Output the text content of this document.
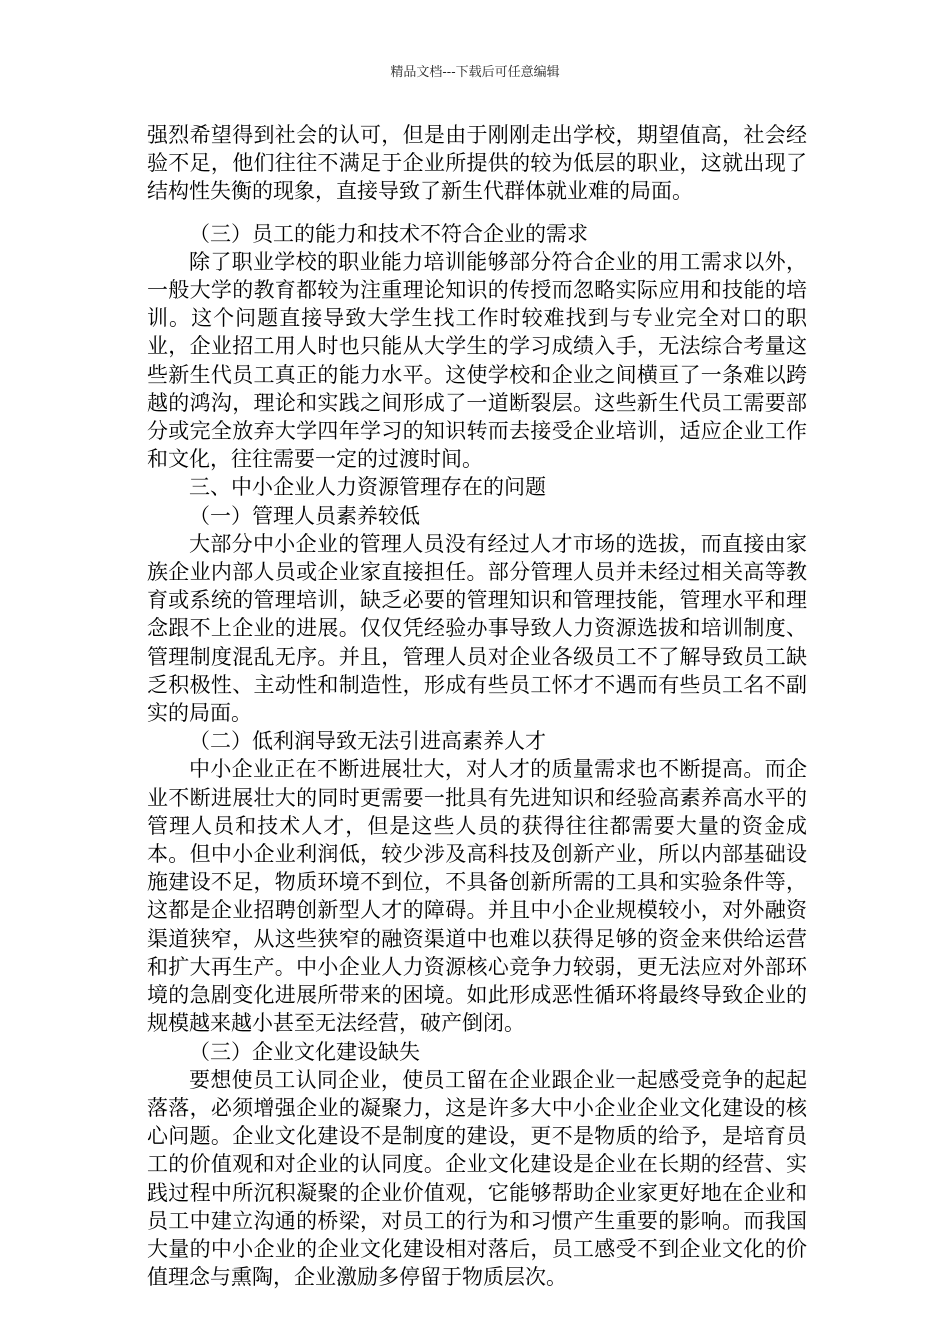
精品文档---下载后可任意编辑

强烈希望得到社会的认可，但是由于刚刚走出学校，期望值高，社会经验不足，他们往往不满足于企业所提供的较为低层的职业，这就出现了结构性失衡的现象，直接导致了新生代群体就业难的局面。

（三）员工的能力和技术不符合企业的需求

除了职业学校的职业能力培训能够部分符合企业的用工需求以外，一般大学的教育都较为注重理论知识的传授而忽略实际应用和技能的培训。这个问题直接导致大学生找工作时较难找到与专业完全对口的职业，企业招工用人时也只能从大学生的学习成绩入手，无法综合考量这些新生代员工真正的能力水平。这使学校和企业之间横亘了一条难以跨越的鸿沟，理论和实践之间形成了一道断裂层。这些新生代员工需要部分或完全放弃大学四年学习的知识转而去接受企业培训，适应企业工作和文化，往往需要一定的过渡时间。

三、中小企业人力资源管理存在的问题

（一）管理人员素养较低

大部分中小企业的管理人员没有经过人才市场的选拔，而直接由家族企业内部人员或企业家直接担任。部分管理人员并未经过相关高等教育或系统的管理培训，缺乏必要的管理知识和管理技能，管理水平和理念跟不上企业的进展。仅仅凭经验办事导致人力资源选拔和培训制度、管理制度混乱无序。并且，管理人员对企业各级员工不了解导致员工缺乏积极性、主动性和制造性，形成有些员工怀才不遇而有些员工名不副实的局面。

（二）低利润导致无法引进高素养人才

中小企业正在不断进展壮大，对人才的质量需求也不断提高。而企业不断进展壮大的同时更需要一批具有先进知识和经验高素养高水平的管理人员和技术人才，但是这些人员的获得往往都需要大量的资金成本。但中小企业利润低，较少涉及高科技及创新产业，所以内部基础设施建设不足，物质环境不到位，不具备创新所需的工具和实验条件等，这都是企业招聘创新型人才的障碍。并且中小企业规模较小，对外融资渠道狭窄，从这些狭窄的融资渠道中也难以获得足够的资金来供给运营和扩大再生产。中小企业人力资源核心竞争力较弱，更无法应对外部环境的急剧变化进展所带来的困境。如此形成恶性循环将最终导致企业的规模越来越小甚至无法经营，破产倒闭。

（三）企业文化建设缺失

要想使员工认同企业，使员工留在企业跟企业一起感受竞争的起起落落，必须增强企业的凝聚力，这是许多大中小企业企业文化建设的核心问题。企业文化建设不是制度的建设，更不是物质的给予，是培育员工的价值观和对企业的认同度。企业文化建设是企业在长期的经营、实践过程中所沉积凝聚的企业价值观，它能够帮助企业家更好地在企业和员工中建立沟通的桥梁，对员工的行为和习惯产生重要的影响。而我国大量的中小企业的企业文化建设相对落后，员工感受不到企业文化的价值理念与熏陶，企业激励多停留于物质层次。
